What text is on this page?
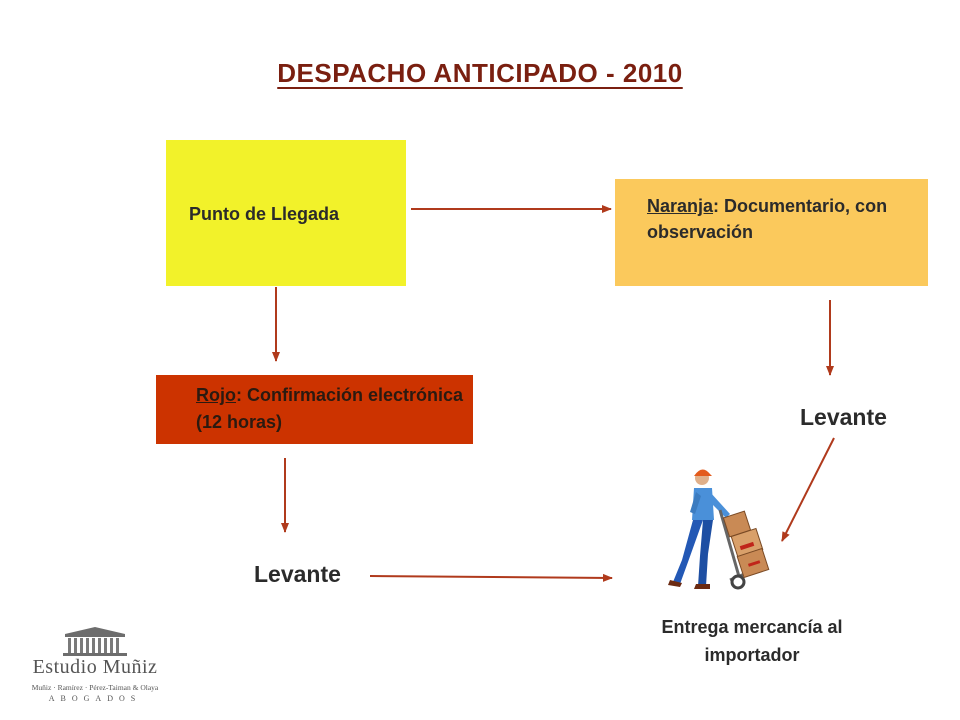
DESPACHO ANTICIPADO - 2010
Punto de Llegada	Naranja: Documentario, con observación
Rojo: Confirmación electrónica (12 horas)	Levante
Levante
Entrega mercancía al importador
Estudio Muñiz
Muñiz · Ramírez · Pérez-Taiman & Olaya
ABOGADOS
